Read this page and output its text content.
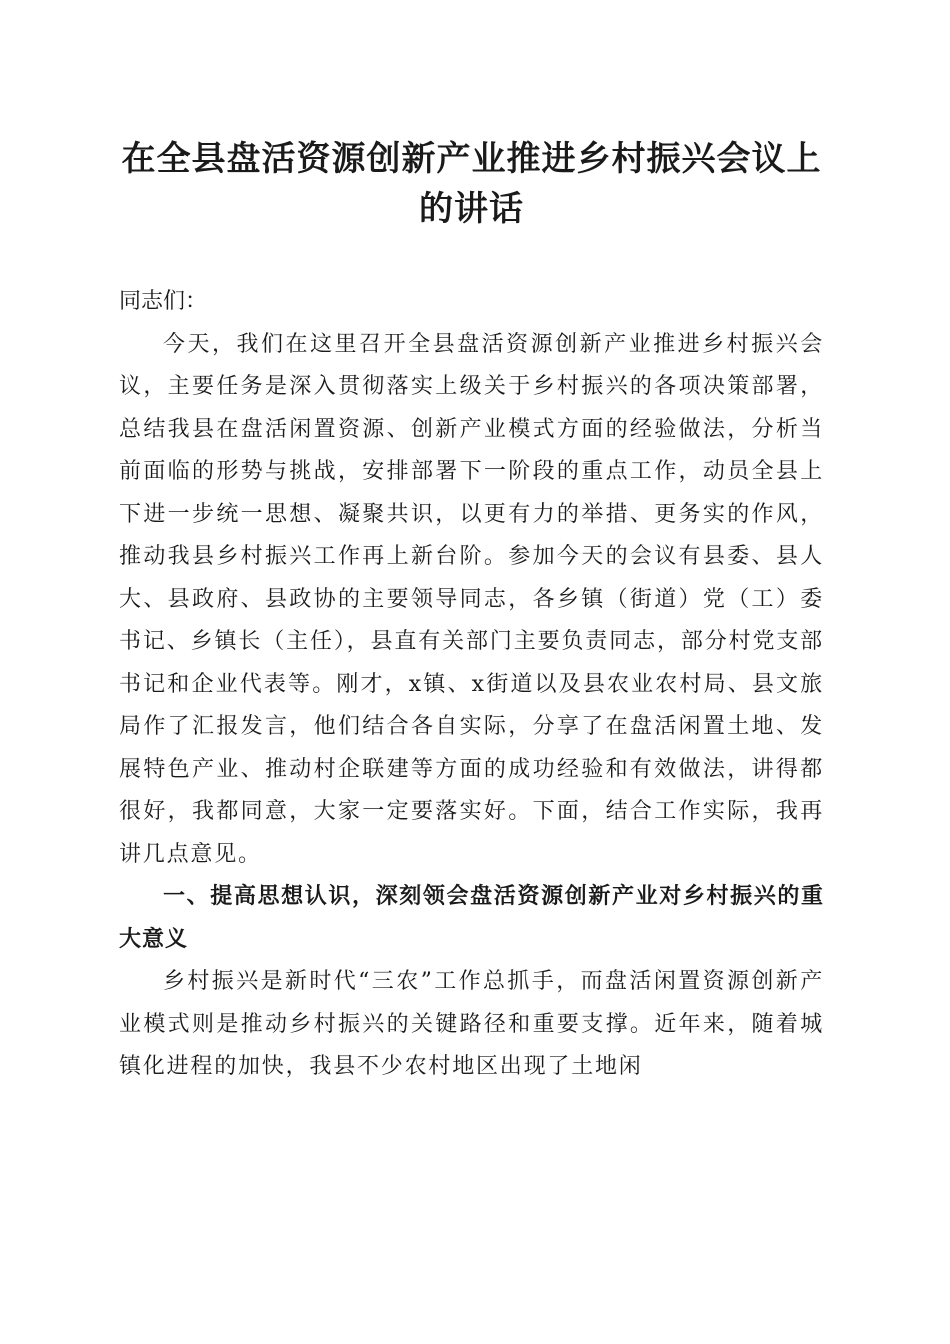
在全县盘活资源创新产业推进乡村振兴会议上
的讲话

同志们：

今天，我们在这里召开全县盘活资源创新产业推进乡村振兴会议，主要任务是深入贯彻落实上级关于乡村振兴的各项决策部署，总结我县在盘活闲置资源、创新产业模式方面的经验做法，分析当前面临的形势与挑战，安排部署下一阶段的重点工作，动员全县上下进一步统一思想、凝聚共识，以更有力的举措、更务实的作风，推动我县乡村振兴工作再上新台阶。参加今天的会议有县委、县人大、县政府、县政协的主要领导同志，各乡镇（街道）党（工）委书记、乡镇长（主任），县直有关部门主要负责同志，部分村党支部书记和企业代表等。刚才，x镇、x街道以及县农业农村局、县文旅局作了汇报发言，他们结合各自实际，分享了在盘活闲置土地、发展特色产业、推动村企联建等方面的成功经验和有效做法，讲得都很好，我都同意，大家一定要落实好。下面，结合工作实际，我再讲几点意见。

一、提高思想认识，深刻领会盘活资源创新产业对乡村振兴的重大意义

乡村振兴是新时代“三农”工作总抓手，而盘活闲置资源创新产业模式则是推动乡村振兴的关键路径和重要支撑。近年来，随着城镇化进程的加快，我县不少农村地区出现了土地闲
